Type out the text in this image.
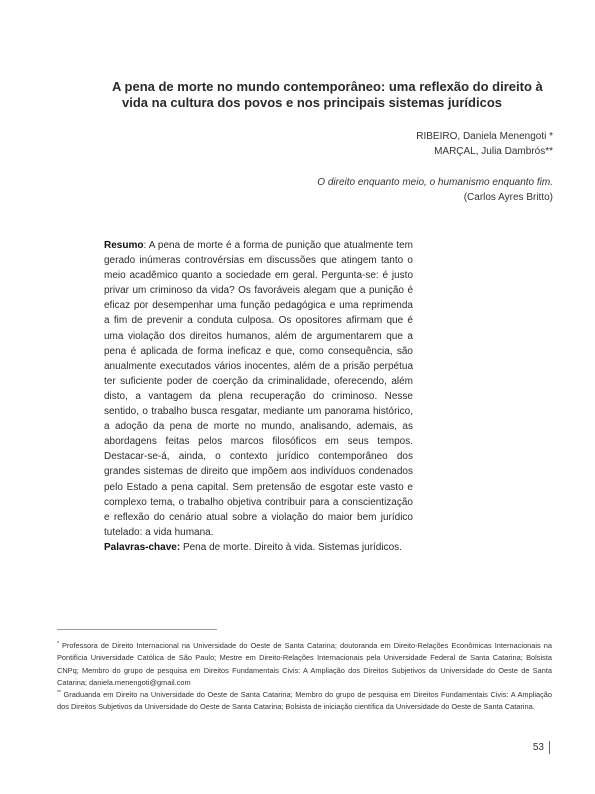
A pena de morte no mundo contemporâneo: uma reflexão do direito à
vida na cultura dos povos e nos principais sistemas jurídicos
RIBEIRO, Daniela Menengoti *
MARÇAL, Julia Dambrós**
O direito enquanto meio, o humanismo enquanto fim.
(Carlos Ayres Britto)

Resumo: A pena de morte é a forma de punição que atualmente tem gerado inúmeras controvérsias em discussões que atingem tanto o meio acadêmico quanto a sociedade em geral. Pergunta-se: é justo privar um criminoso da vida? Os favoráveis alegam que a punição é eficaz por desempenhar uma função pedagógica e uma reprimenda a fim de prevenir a conduta culposa. Os opositores afirmam que é uma violação dos direitos humanos, além de argumentarem que a pena é aplicada de forma ineficaz e que, como consequência, são anualmente executados vários inocentes, além de a prisão perpétua ter suficiente poder de coerção da criminalidade, oferecendo, além disto, a vantagem da plena recuperação do criminoso. Nesse sentido, o trabalho busca resgatar, mediante um panorama histórico, a adoção da pena de morte no mundo, analisando, ademais, as abordagens feitas pelos marcos filosóficos em seus tempos. Destacar-se-á, ainda, o contexto jurídico contemporâneo dos grandes sistemas de direito que impõem aos indivíduos condenados pelo Estado a pena capital. Sem pretensão de esgotar este vasto e complexo tema, o trabalho objetiva contribuir para a conscientização e reflexão do cenário atual sobre a violação do maior bem jurídico tutelado: a vida humana.

Palavras-chave: Pena de morte. Direito à vida. Sistemas jurídicos.

* Professora de Direito Internacional na Universidade do Oeste de Santa Catarina; doutoranda em Direito-Relações Econômicas Internacionais na Pontifícia Universidade Católica de São Paulo; Mestre em Direito-Relações Internacionais pela Universidade Federal de Santa Catarina; Bolsista CNPq; Membro do grupo de pesquisa em Direitos Fundamentais Civis: A Ampliação dos Direitos Subjetivos da Universidade do Oeste de Santa Catarina; daniela.menengoti@gmail.com

** Graduanda em Direito na Universidade do Oeste de Santa Catarina; Membro do grupo de pesquisa em Direitos Fundamentais Civis: A Ampliação dos Direitos Subjetivos da Universidade do Oeste de Santa Catarina; Bolsista de iniciação científica da Universidade do Oeste de Santa Catarina.

53
